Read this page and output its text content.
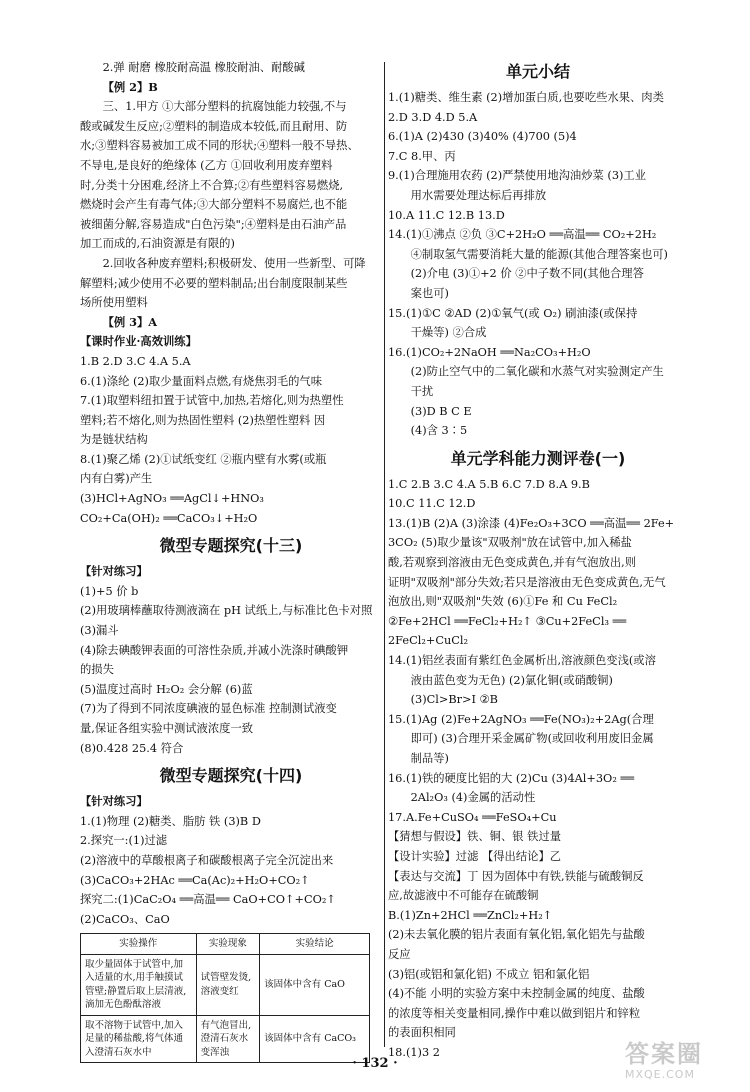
2.弹 耐磨 橡胶耐高温 橡胶耐油、耐酸碱
【例 2】B
三、1.甲方 ①大部分塑料的抗腐蚀能力较强,不与
酸或碱发生反应;②塑料的制造成本较低,而且耐用、防
水;③塑料容易被加工成不同的形状;④塑料一般不导热、
不导电,是良好的绝缘体 (乙方 ①回收利用废弃塑料
时,分类十分困难,经济上不合算;②有些塑料容易燃烧,
燃烧时会产生有毒气体;③大部分塑料不易腐烂,也不能
被细菌分解,容易造成"白色污染";④塑料是由石油产品
加工而成的,石油资源是有限的)
2.回收各种废弃塑料;积极研发、使用一些新型、可降
解塑料;减少使用不必要的塑料制品;出台制度限制某些
场所使用塑料
【例 3】A
【课时作业·高效训练】
1.B 2.D 3.C 4.A 5.A
6.(1)涤纶 (2)取少量面料点燃,有烧焦羽毛的气味
7.(1)取塑料纽扣置于试管中,加热,若熔化,则为热塑性
塑料;若不熔化,则为热固性塑料 (2)热塑性塑料 因
为是链状结构
8.(1)聚乙烯 (2)①试纸变红 ②瓶内壁有水雾(或瓶
内有白雾)产生
(3)HCl+AgNO₃ ══AgCl↓+HNO₃
CO₂+Ca(OH)₂ ══CaCO₃↓+H₂O
微型专题探究(十三)
【针对练习】
(1)+5 价 b
(2)用玻璃棒蘸取待测液滴在 pH 试纸上,与标准比色卡对照
(3)漏斗
(4)除去碘酸钾表面的可溶性杂质,并减小洗涤时碘酸钾
的损失
(5)温度过高时 H₂O₂ 会分解 (6)蓝
(7)为了得到不同浓度碘液的显色标准 控制测试液变
量,保证各组实验中测试液浓度一致
(8)0.428 25.4 符合
微型专题探究(十四)
【针对练习】
1.(1)物理 (2)糖类、脂肪 铁 (3)B D
2.探究一:(1)过滤
(2)溶液中的草酸根离子和碳酸根离子完全沉淀出来
(3)CaCO₃+2HAc ══Ca(Ac)₂+H₂O+CO₂↑
探究二:(1)CaC₂O₄ ══高温══ CaO+CO↑+CO₂↑
(2)CaCO₃、CaO
实验操作	实验现象	实验结论
取少量固体于试管中,加入适量的水,用手触摸试管壁;静置后取上层清液,滴加无色酚酞溶液	试管壁发烫,溶液变红	该固体中含有 CaO
取不溶物于试管中,加入足量的稀盐酸,将气体通入澄清石灰水中	有气泡冒出,澄清石灰水变浑浊	该固体中含有 CaCO₃
单元小结
1.(1)糖类、维生素 (2)增加蛋白质,也要吃些水果、肉类
2.D 3.D 4.D 5.A
6.(1)A (2)430 (3)40% (4)700 (5)4
7.C 8.甲、丙
9.(1)合理施用农药 (2)严禁使用地沟油炒菜 (3)工业
用水需要处理达标后再排放
10.A 11.C 12.B 13.D
14.(1)①沸点 ②负 ③C+2H₂O ══高温══ CO₂+2H₂
④制取氢气需要消耗大量的能源(其他合理答案也可)
(2)介电 (3)①+2 价 ②中子数不同(其他合理答
案也可)
15.(1)①C ②AD (2)①氧气(或 O₂) 刷油漆(或保持
干燥等) ②合成
16.(1)CO₂+2NaOH ══Na₂CO₃+H₂O
(2)防止空气中的二氧化碳和水蒸气对实验测定产生
干扰
(3)D B C E
(4)含 3∶5
单元学科能力测评卷(一)
1.C 2.B 3.C 4.A 5.B 6.C 7.D 8.A 9.B
10.C 11.C 12.D
13.(1)B (2)A (3)涂漆 (4)Fe₂O₃+3CO ══高温══ 2Fe+
3CO₂ (5)取少量该"双吸剂"放在试管中,加入稀盐
酸,若观察到溶液由无色变成黄色,并有气泡放出,则
证明"双吸剂"部分失效;若只是溶液由无色变成黄色,无气
泡放出,则"双吸剂"失效 (6)①Fe 和 Cu FeCl₂
②Fe+2HCl ══FeCl₂+H₂↑ ③Cu+2FeCl₃ ══
2FeCl₂+CuCl₂
14.(1)铝丝表面有紫红色金属析出,溶液颜色变浅(或溶
液由蓝色变为无色) (2)氯化铜(或硝酸铜)
(3)Cl>Br>I ②B
15.(1)Ag (2)Fe+2AgNO₃ ══Fe(NO₃)₂+2Ag(合理
即可) (3)合理开采金属矿物(或回收利用废旧金属
制品等)
16.(1)铁的硬度比铝的大 (2)Cu (3)4Al+3O₂ ══
2Al₂O₃ (4)金属的活动性
17.A.Fe+CuSO₄ ══FeSO₄+Cu
【猜想与假设】铁、铜、银 铁过量
【设计实验】过滤 【得出结论】乙
【表达与交流】丁 因为固体中有铁,铁能与硫酸铜反
应,故滤液中不可能存在硫酸铜
B.(1)Zn+2HCl ══ZnCl₂+H₂↑
(2)未去氧化膜的铝片表面有氧化铝,氧化铝先与盐酸
反应
(3)铝(或铝和氯化铝) 不成立 铝和氯化铝
(4)不能 小明的实验方案中未控制金属的纯度、盐酸
的浓度等相关变量相同,操作中难以做到铝片和锌粒
的表面积相同
18.(1)3 2
· 132 ·	答案圈
MXQE.COM
